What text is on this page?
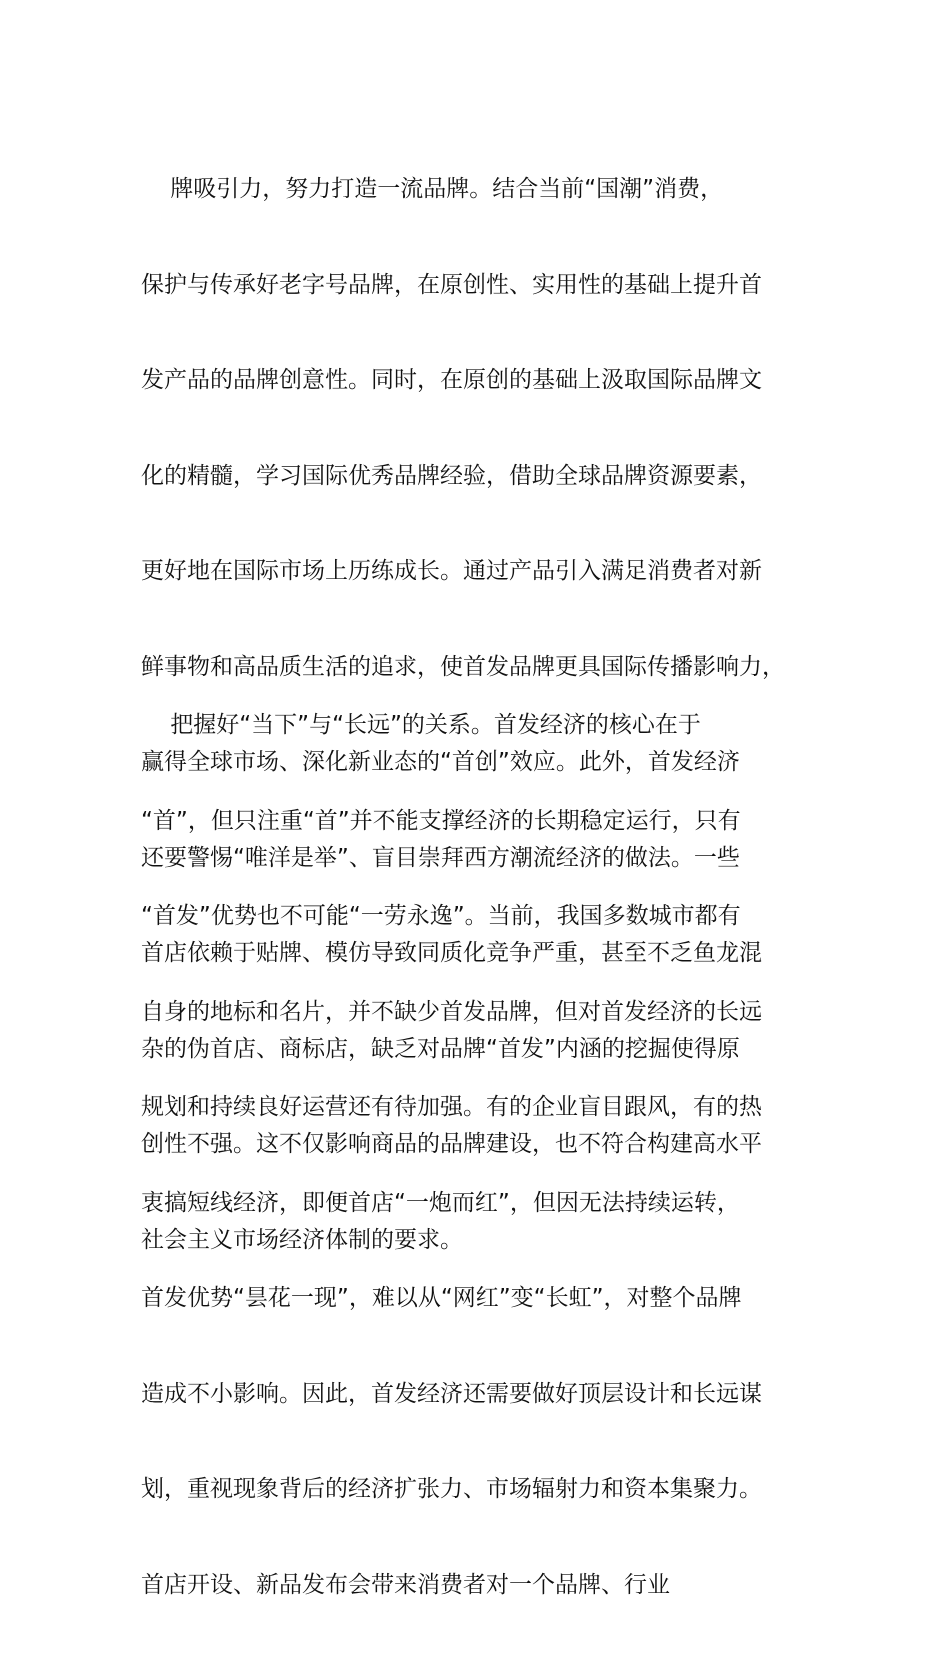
牌吸引力，努力打造一流品牌。结合当前“国潮”消费，

保护与传承好老字号品牌，在原创性、实用性的基础上提升首

发产品的品牌创意性。同时，在原创的基础上汲取国际品牌文

化的精髓，学习国际优秀品牌经验，借助全球品牌资源要素，

更好地在国际市场上历练成长。通过产品引入满足消费者对新

鲜事物和高品质生活的追求，使首发品牌更具国际传播影响力，

赢得全球市场、深化新业态的“首创”效应。此外，首发经济

还要警惕“唯洋是举”、盲目崇拜西方潮流经济的做法。一些

首店依赖于贴牌、模仿导致同质化竞争严重，甚至不乏鱼龙混

杂的伪首店、商标店，缺乏对品牌“首发”内涵的挖掘使得原

创性不强。这不仅影响商品的品牌建设，也不符合构建高水平

社会主义市场经济体制的要求。

把握好“当下”与“长远”的关系。首发经济的核心在于

“首”，但只注重“首”并不能支撑经济的长期稳定运行，只有

“首发”优势也不可能“一劳永逸”。当前，我国多数城市都有

自身的地标和名片，并不缺少首发品牌，但对首发经济的长远

规划和持续良好运营还有待加强。有的企业盲目跟风，有的热

衷搞短线经济，即便首店“一炮而红”，但因无法持续运转，

首发优势“昙花一现”，难以从“网红”变“长虹”，对整个品牌

造成不小影响。因此，首发经济还需要做好顶层设计和长远谋

划，重视现象背后的经济扩张力、市场辐射力和资本集聚力。

首店开设、新品发布会带来消费者对一个品牌、行业
